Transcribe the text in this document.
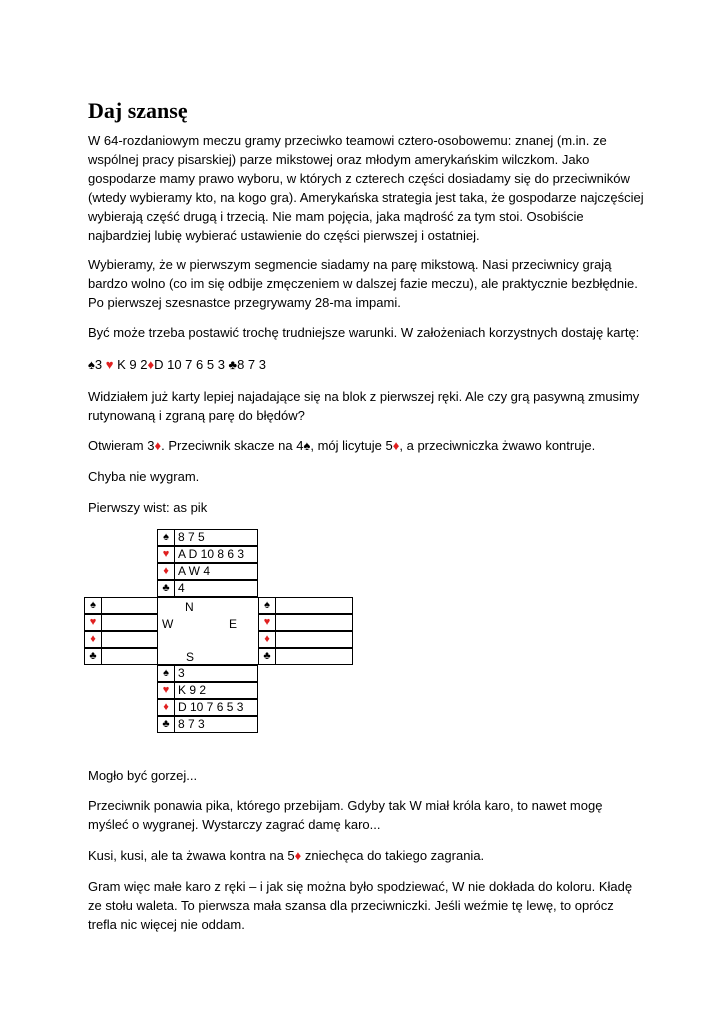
Daj szansę

W 64-rozdaniowym meczu gramy przeciwko teamowi cztero-osobowemu: znanej (m.in. ze wspólnej pracy pisarskiej) parze mikstowej oraz młodym amerykańskim wilczkom. Jako gospodarze mamy prawo wyboru, w których z czterech części dosiadamy się do przeciwników (wtedy wybieramy kto, na kogo gra). Amerykańska strategia jest taka, że gospodarze najczęściej wybierają część drugą i trzecią. Nie mam pojęcia, jaka mądrość za tym stoi. Osobiście najbardziej lubię wybierać ustawienie do części pierwszej i ostatniej.

Wybieramy, że w pierwszym segmencie siadamy na parę mikstową. Nasi przeciwnicy grają bardzo wolno (co im się odbije zmęczeniem w dalszej fazie meczu), ale praktycznie bezbłędnie. Po pierwszej szesnastce przegrywamy 28-ma impami.

Być może trzeba postawić trochę trudniejsze warunki. W założeniach korzystnych dostaję kartę:

♠3 ♥ K 9 2♦D 10 7 6 5 3 ♣8 7 3

Widziałem już karty lepiej najadające się na blok z pierwszej ręki. Ale czy grą pasywną zmusimy rutynowaną i zgraną parę do błędów?

Otwieram 3♦. Przeciwnik skacze na 4♠, mój licytuje 5♦, a przeciwniczka żwawo kontruje.

Chyba nie wygram.

Pierwszy wist: as pik

Mogło być gorzej...

Przeciwnik ponawia pika, którego przebijam. Gdyby tak W miał króla karo, to nawet mogę myśleć o wygranej. Wystarczy zagrać damę karo...

Kusi, kusi, ale ta żwawa kontra na 5♦ zniechęca do takiego zagrania.

Gram więc małe karo z ręki – i jak się można było spodziewać, W nie dokłada do koloru. Kładę ze stołu waleta. To pierwsza mała szansa dla przeciwniczki. Jeśli weźmie tę lewę, to oprócz trefla nic więcej nie oddam.

♠ 8 7 5
♥ A D 10 8 6 3
♦ A W 4
♣ 4
♠
♥
♦
♣
N
W	E
S
♠
♥
♦
♣
♠ 3
♥ K 9 2
♦ D 10 7 6 5 3
♣ 8 7 3
